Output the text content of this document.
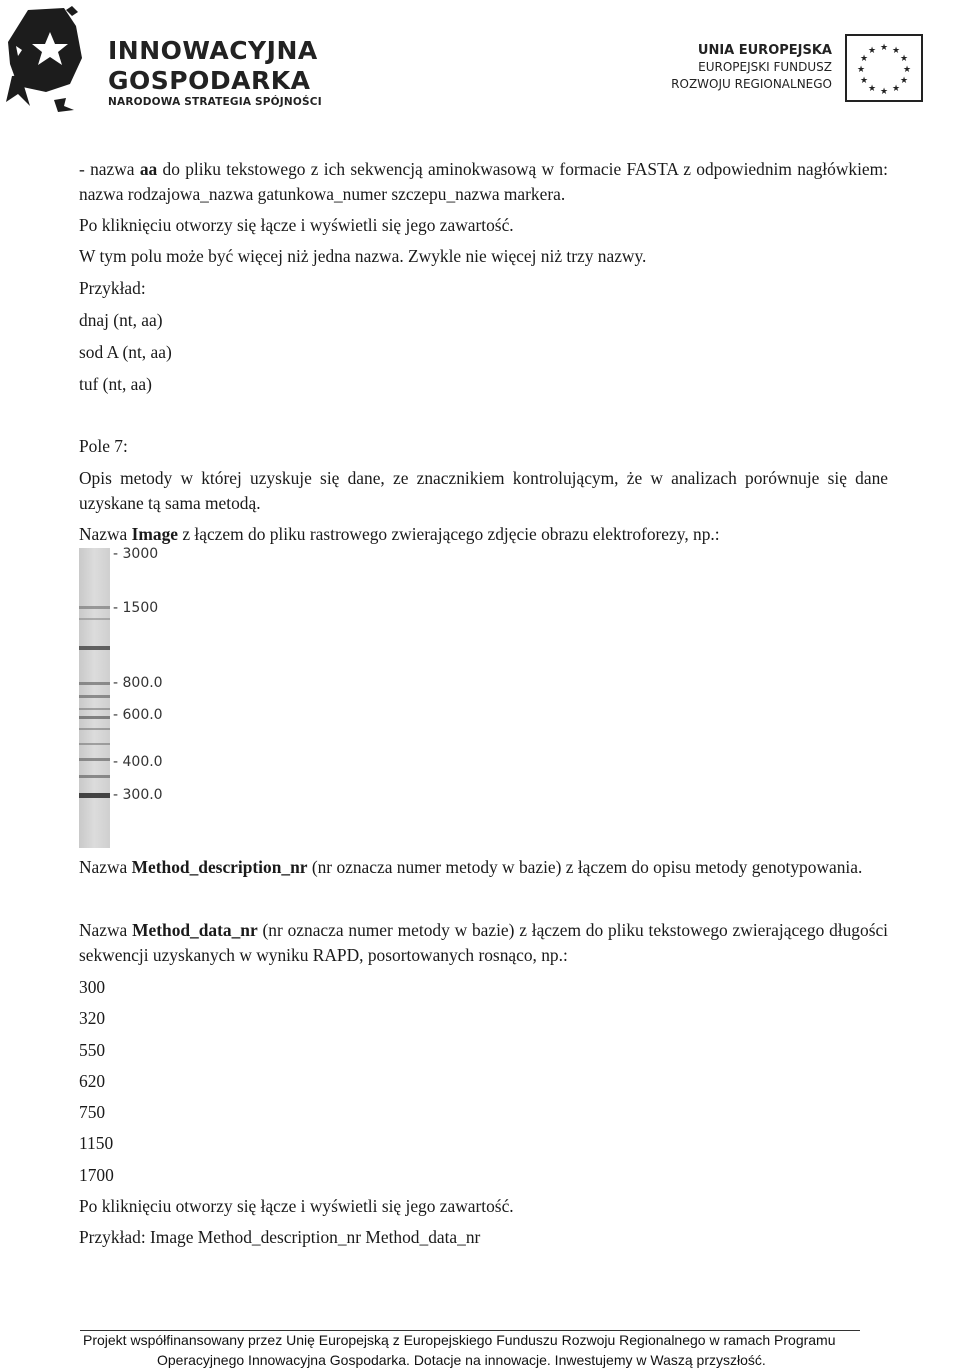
INNOWACYJNA
GOSPODARKA
NARODOWA STRATEGIA SPÓJNOŚCI
UNIA EUROPEJSKA
EUROPEJSKI FUNDUSZ
ROZWOJU REGIONALNEGO
★ ★
★
★
★
★
★
★
★
★
★
★

- nazwa aa do pliku tekstowego z ich sekwencją aminokwasową w formacie FASTA z odpowiednim nagłówkiem: nazwa rodzajowa_nazwa gatunkowa_numer szczepu_nazwa markera.

Po kliknięciu otworzy się łącze i wyświetli się jego zawartość.

W tym polu może być więcej niż jedna nazwa. Zwykle nie więcej niż trzy nazwy.

Przykład:

dnaj (nt, aa)

sod A (nt, aa)

tuf (nt, aa)

Pole 7:

Opis metody w której uzyskuje się dane, ze znacznikiem kontrolującym, że w analizach porównuje się dane uzyskane tą sama metodą.

Nazwa Image z łączem do pliku rastrowego zwierającego zdjęcie obrazu elektroforezy, np.:

- 3000
- 1500
- 800.0
- 600.0
- 400.0
- 300.0

Nazwa Method_description_nr (nr oznacza numer metody w bazie) z łączem do opisu metody genotypowania.

Nazwa Method_data_nr (nr oznacza numer metody w bazie) z łączem do pliku tekstowego zwierającego długości sekwencji uzyskanych w wyniku RAPD, posortowanych rosnąco, np.:

300

320

550

620

750

1150

1700

Po kliknięciu otworzy się łącze i wyświetli się jego zawartość.

Przykład: Image Method_description_nr Method_data_nr

Projekt współfinansowany przez Unię Europejską z Europejskiego Funduszu Rozwoju Regionalnego w ramach Programu
Operacyjnego Innowacyjna Gospodarka. Dotacje na innowacje. Inwestujemy w Waszą przyszłość.
